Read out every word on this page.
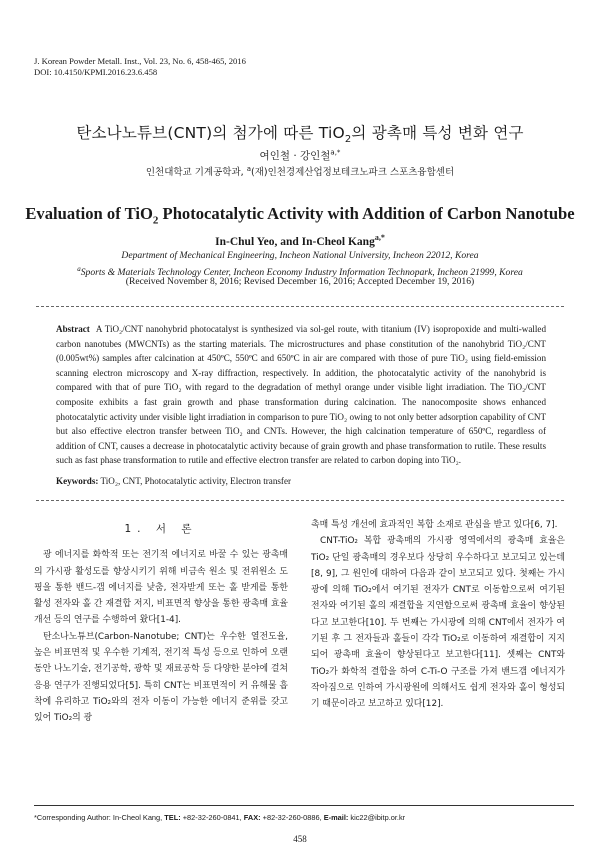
J. Korean Powder Metall. Inst., Vol. 23, No. 6, 458-465, 2016
DOI: 10.4150/KPMI.2016.23.6.458
탄소나노튜브(CNT)의 첨가에 따른 TiO$_2$의 광촉매 특성 변화 연구
여인철 · 강인철$^{a,*}$
인천대학교 기계공학과, $^a$(재)인천경제산업정보테크노파크 스포츠융합센터
Evaluation of TiO$_2$ Photocatalytic Activity with Addition of Carbon Nanotube
In-Chul Yeo, and In-Cheol Kang$^{a,*}$
Department of Mechanical Engineering, Incheon National University, Incheon 22012, Korea
$^a$Sports & Materials Technology Center, Incheon Economy Industry Information Technopark, Incheon 21999, Korea
(Received November 8, 2016; Revised December 16, 2016; Accepted December 19, 2016)
Abstract A TiO₂/CNT nanohybrid photocatalyst is synthesized via sol-gel route, with titanium (IV) isopropoxide and multi-walled carbon nanotubes (MWCNTs) as the starting materials. The microstructures and phase constitution of the nanohybrid TiO₂/CNT (0.005wt%) samples after calcination at 450ºC, 550ºC and 650ºC in air are compared with those of pure TiO₂ using field-emission scanning electron microscopy and X-ray diffraction, respectively. In addition, the photocatalytic activity of the nanohybrid is compared with that of pure TiO₂ with regard to the degradation of methyl orange under visible light irradiation. The TiO₂/CNT composite exhibits a fast grain growth and phase transformation during calcination. The nanocomposite shows enhanced photocatalytic activity under visible light irradiation in comparison to pure TiO₂ owing to not only better adsorption capability of CNT but also effective electron transfer between TiO₂ and CNTs. However, the high calcination temperature of 650ºC, regardless of addition of CNT, causes a decrease in photocatalytic activity because of grain growth and phase transformation to rutile. These results such as fast phase transformation to rutile and effective electron transfer are related to carbon doping into TiO₂.
Keywords: TiO₂, CNT, Photocatalytic activity, Electron transfer
1. 서 론

광 에너지를 화학적 또는 전기적 에너지로 바꿀 수 있는 광촉매의 가시광 활성도를 향상시키기 위해 비금속 원소 및 전위원소 도핑을 통한 밴드-갭 에너지를 낮춤, 전자받게 또는 홀 받게를 통한 활성 전자와 홀 간 재결합 저지, 비표면적 향상을 통한 광촉매 효율 개선 등의 연구를 수행하여 왔다[1-4].

탄소나노튜브(Carbon-Nanotube; CNT)는 우수한 열전도율, 높은 비표면적 및 우수한 기계적, 전기적 특성 등으로 인하여 오랜 동안 나노기술, 전기공학, 광학 및 재료공학 등 다양한 분야에 걸쳐 응용 연구가 진행되었다[5]. 특히 CNT는 비표면적이 커 유해물 흡착에 유리하고 TiO₂와의 전자 이동이 가능한 에너지 준위를 갖고 있어 TiO₂의 광

촉매 특성 개선에 효과적인 복합 소재로 관심을 받고 있다[6, 7].

CNT-TiO₂ 복합 광촉매의 가시광 영역에서의 광촉매 효율은 TiO₂ 단일 광촉매의 경우보다 상당히 우수하다고 보고되고 있는데[8, 9], 그 원인에 대하여 다음과 같이 보고되고 있다. 첫째는 가시광에 의해 TiO₂에서 여기된 전자가 CNT로 이동함으로써 여기된 전자와 여기된 홀의 재결합을 지연함으로써 광촉매 효율이 향상된다고 보고한다[10]. 두 번째는 가시광에 의해 CNT에서 전자가 여기된 후 그 전자들과 홀들이 각각 TiO₂로 이동하여 재결합이 지지되어 광촉매 효율이 향상된다고 보고한다[11]. 셋째는 CNT와 TiO₂가 화학적 결합을 하여 C-Ti-O 구조를 가져 밴드갭 에너지가 작아짐으로 인하여 가시광원에 의해서도 쉽게 전자와 홀이 형성되기 때문이라고 보고하고 있다[12].

*Corresponding Author: In-Cheol Kang, TEL: +82-32-260-0841, FAX: +82-32-260-0886, E-mail: kic22@ibitp.or.kr
458
